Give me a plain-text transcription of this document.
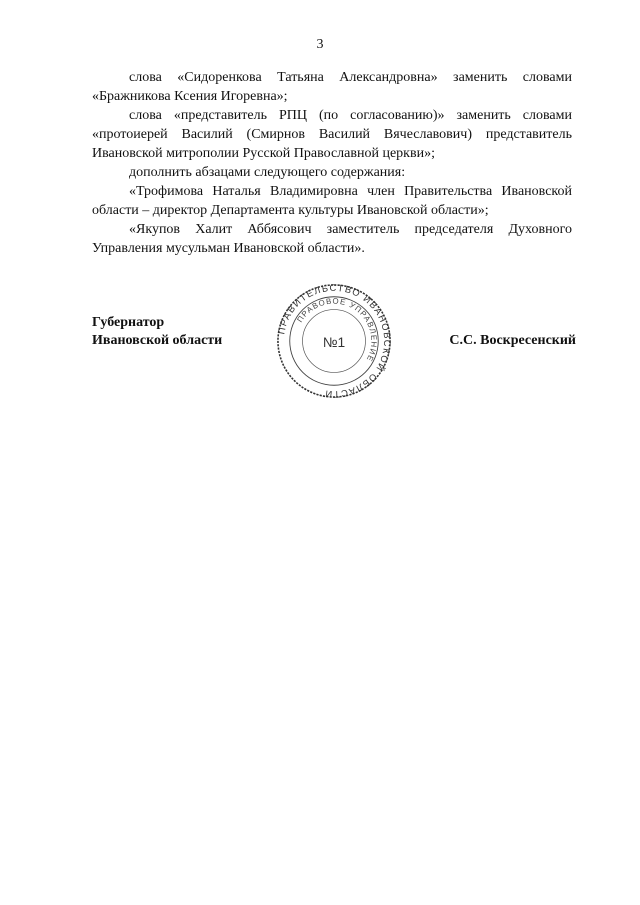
3

слова «Сидоренкова Татьяна Александровна» заменить словами «Бражникова Ксения Игоревна»;

слова «представитель РПЦ (по согласованию)» заменить словами «протоиерей Василий (Смирнов Василий Вячеславович) представитель Ивановской митрополии Русской Православной церкви»;

дополнить абзацами следующего содержания:

«Трофимова Наталья Владимировна член Правительства Ивановской области – директор Департамента культуры Ивановской области»;

«Якупов Халит Аббясович заместитель председателя Духовного Управления мусульман Ивановской области».

Губернатор
Ивановской области
ПРАВИТЕЛЬСТВО ИВАНОВСКОЙ ОБЛАСТИ
ПРАВОВОЕ УПРАВЛЕНИЕ
№1	С.С. Воскресенский
